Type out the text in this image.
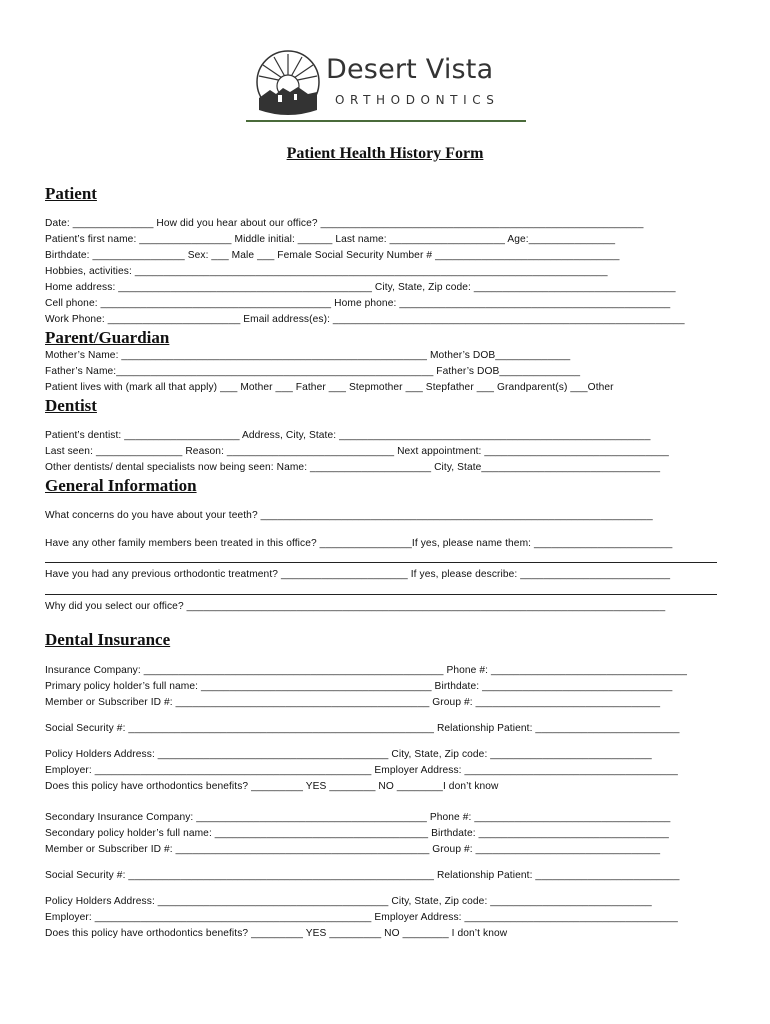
Desert Vista
ORTHODONTICS
Patient Health History Form
Patient
Date: ______________ How did you hear about our office? ________________________________________________________
Patient’s first name: ________________ Middle initial: ______ Last name: ____________________ Age:_______________
Birthdate: ________________ Sex: ___ Male ___ Female Social Security Number # ________________________________
Hobbies, activities: __________________________________________________________________________________
Home address: ____________________________________________ City, State, Zip code: ___________________________________
Cell phone: ________________________________________ Home phone: _______________________________________________
Work Phone: _______________________ Email address(es): _____________________________________________________________
Parent/Guardian
Mother’s Name: _____________________________________________________ Mother’s DOB_____________
Father’s Name:_______________________________________________________ Father’s DOB______________
Patient lives with (mark all that apply) ___ Mother ___ Father ___ Stepmother ___ Stepfather ___ Grandparent(s) ___Other
Dentist
Patient’s dentist: ____________________ Address, City, State: ______________________________________________________
Last seen: _______________ Reason: _____________________________ Next appointment: ________________________________
Other dentists/ dental specialists now being seen: Name: _____________________ City, State_______________________________
General Information
What concerns do you have about your teeth? ____________________________________________________________________
Have any other family members been treated in this office? ________________If yes, please name them: ________________________
Have you had any previous orthodontic treatment? ______________________ If yes, please describe: __________________________
Why did you select our office? ___________________________________________________________________________________
Dental Insurance
Insurance Company: ____________________________________________________ Phone #: __________________________________
Primary policy holder’s full name: ________________________________________ Birthdate: _________________________________
Member or Subscriber ID #: ____________________________________________ Group #: ________________________________
Social Security #: _____________________________________________________ Relationship Patient: _________________________
Policy Holders Address: ________________________________________ City, State, Zip code: ____________________________
Employer: ________________________________________________ Employer Address: _____________________________________
Does this policy have orthodontics benefits? _________ YES ________ NO ________I don’t know
Secondary Insurance Company: ________________________________________ Phone #: __________________________________
Secondary policy holder’s full name: _____________________________________ Birthdate: _________________________________
Member or Subscriber ID #: ____________________________________________ Group #: ________________________________
Social Security #: _____________________________________________________ Relationship Patient: _________________________
Policy Holders Address: ________________________________________ City, State, Zip code: ____________________________
Employer: ________________________________________________ Employer Address: _____________________________________
Does this policy have orthodontics benefits? _________ YES _________ NO ________ I don’t know
